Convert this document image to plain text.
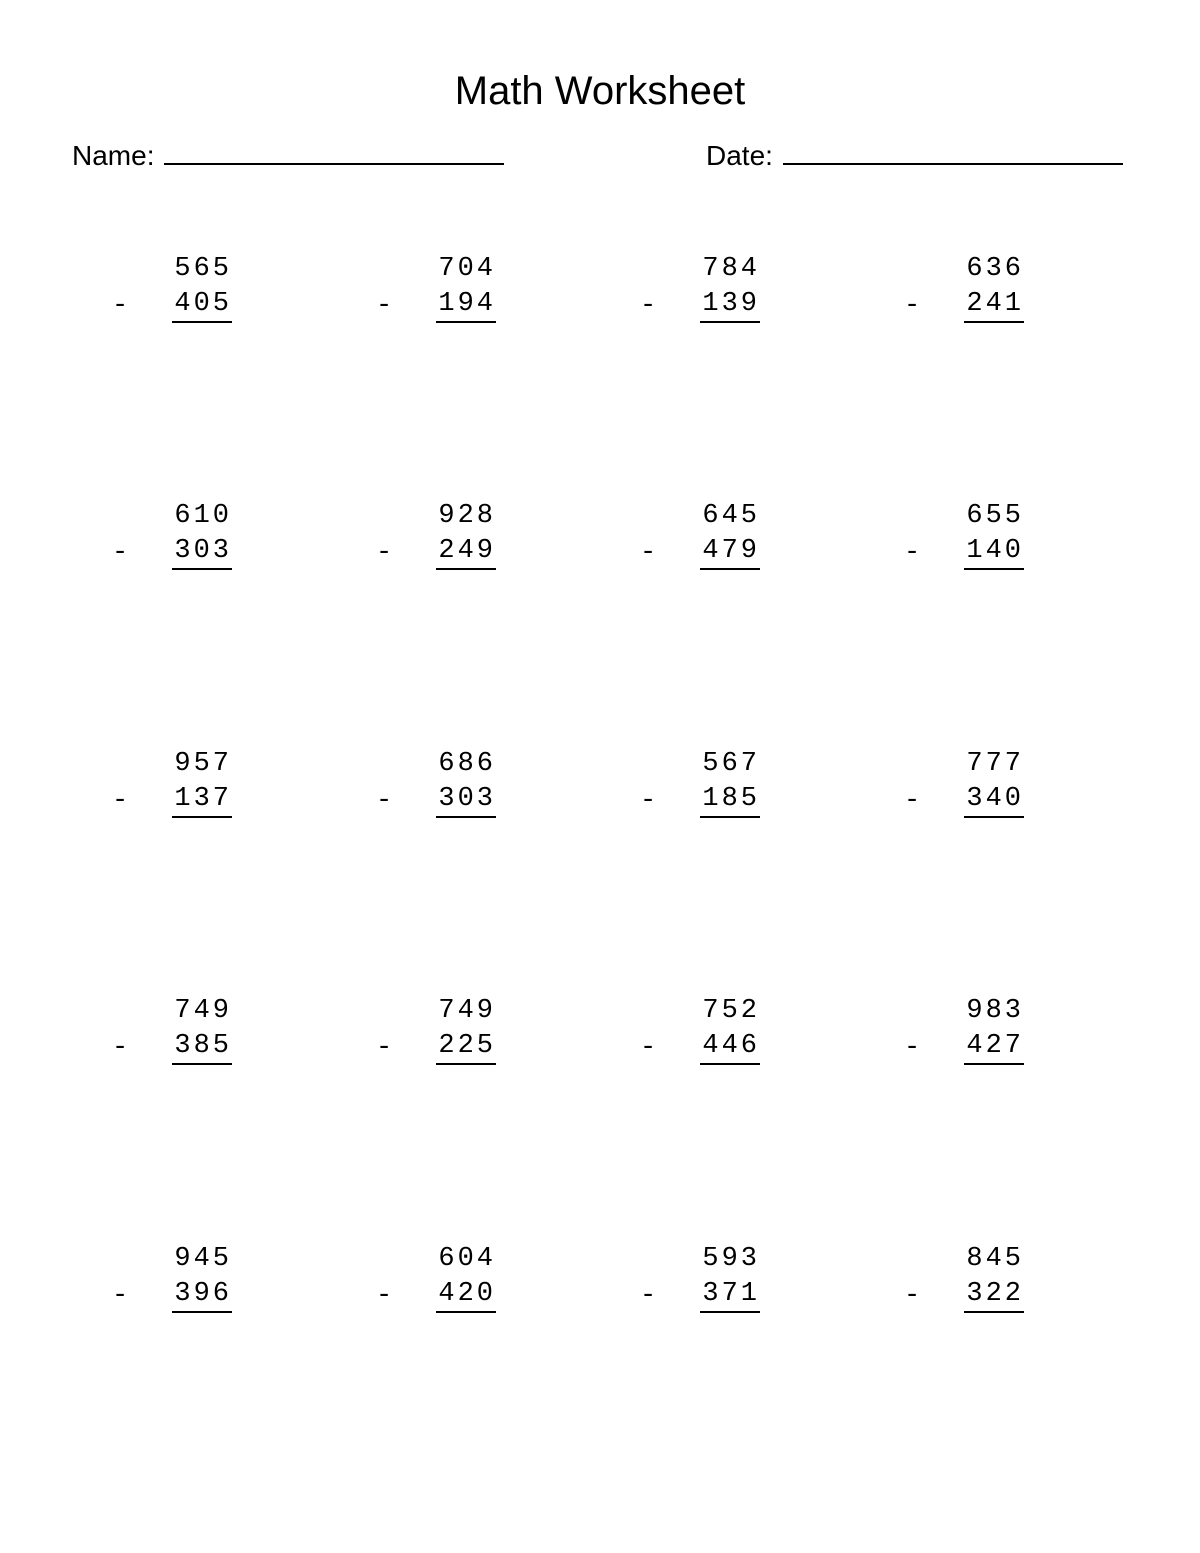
Math Worksheet
Name:	Date:
565
- 405
704
- 194
784
- 139
636
- 241
610
- 303
928
- 249
645
- 479
655
- 140
957
- 137
686
- 303
567
- 185
777
- 340
749
- 385
749
- 225
752
- 446
983
- 427
945
- 396
604
- 420
593
- 371
845
- 322
